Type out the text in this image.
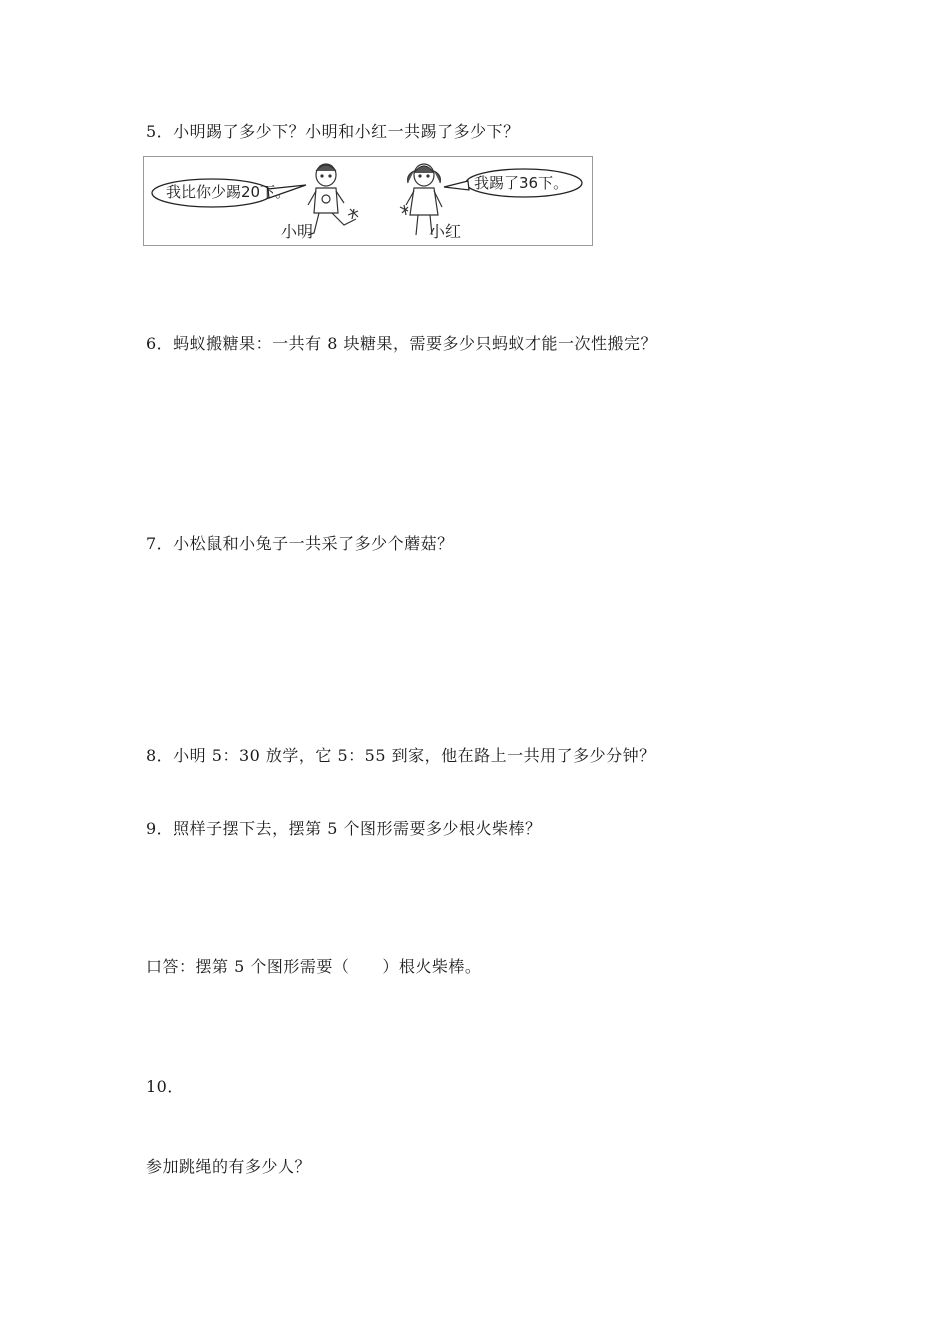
5．小明踢了多少下？小明和小红一共踢了多少下？
我比你少踢20下。	我踢了36下。
小明	小红
6．蚂蚁搬糖果：一共有 8 块糖果，需要多少只蚂蚁才能一次性搬完？
7．小松鼠和小兔子一共采了多少个蘑菇？
8．小明 5：30 放学，它 5：55 到家，他在路上一共用了多少分钟？
9．照样子摆下去，摆第 5 个图形需要多少根火柴棒？
口答：摆第 5 个图形需要（　　）根火柴棒。
10．
参加跳绳的有多少人？
